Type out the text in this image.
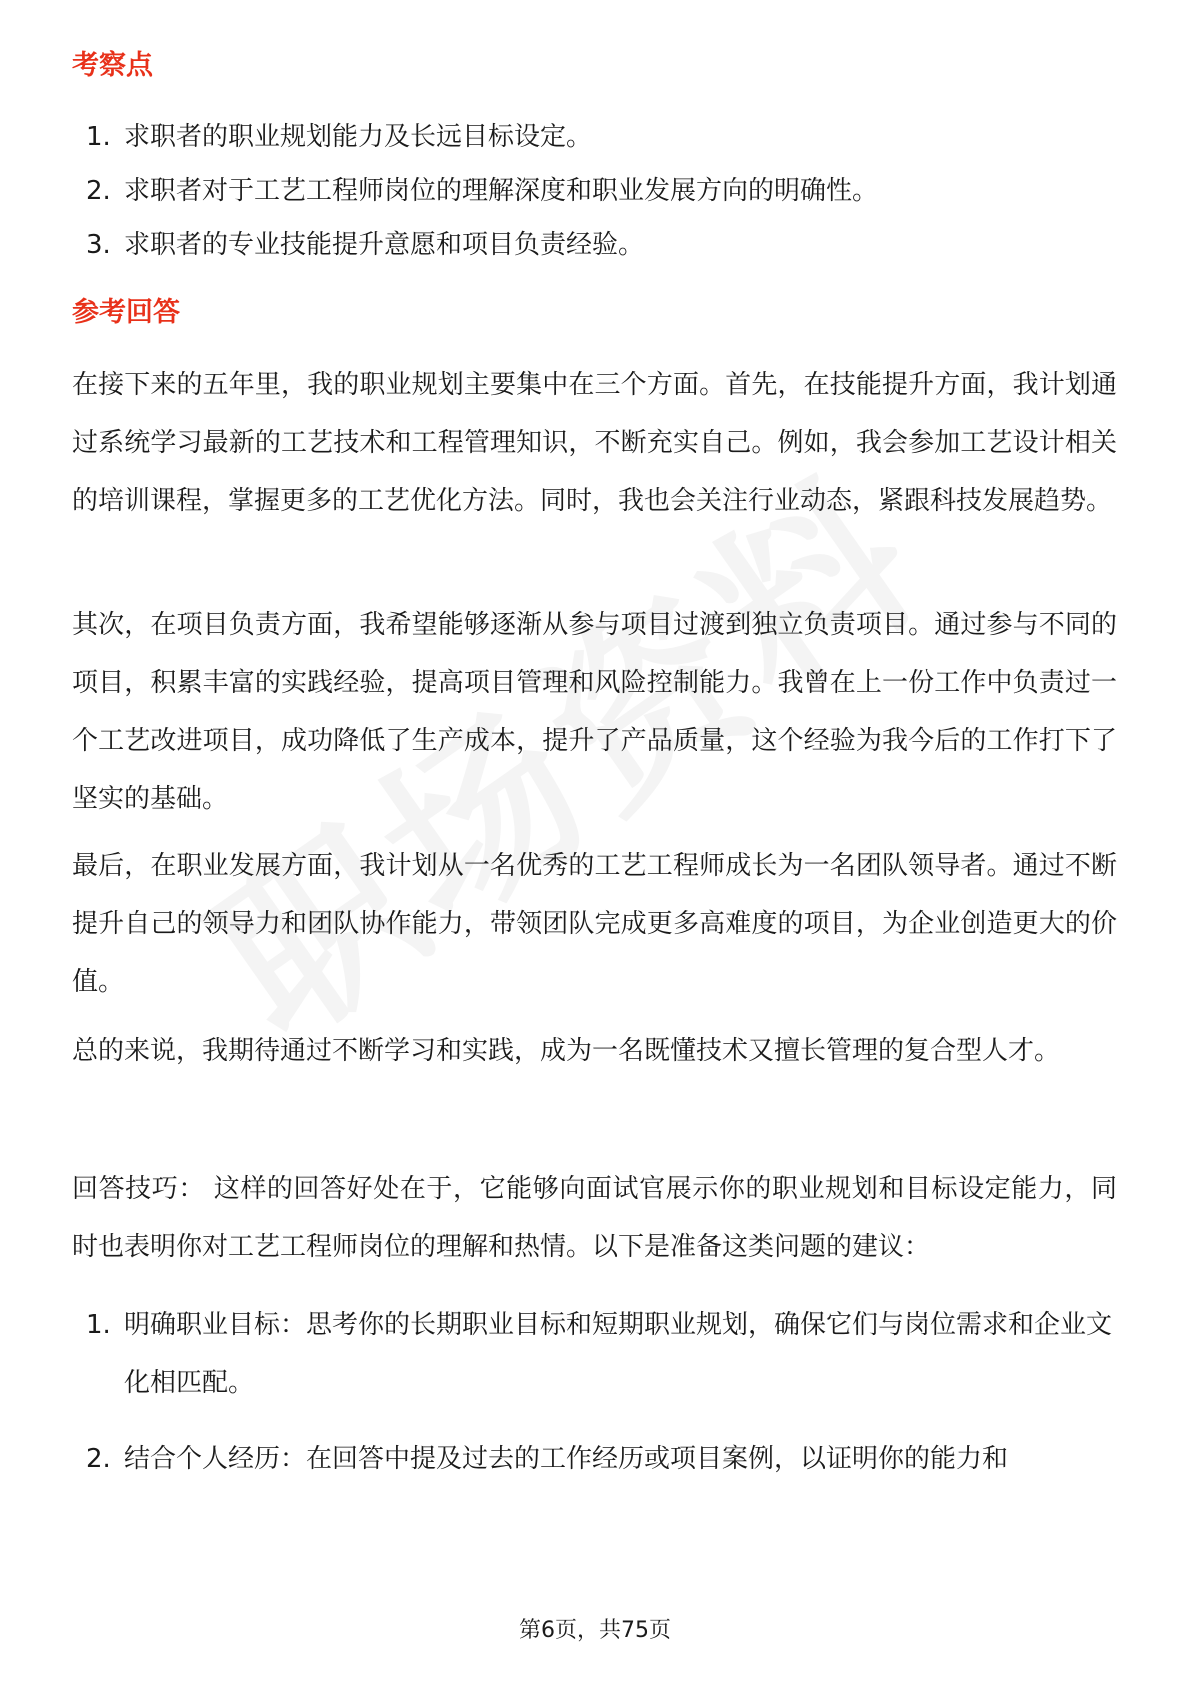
考察点
1. 求职者的职业规划能力及长远目标设定。
2. 求职者对于工艺工程师岗位的理解深度和职业发展方向的明确性。
3. 求职者的专业技能提升意愿和项目负责经验。
参考回答
在接下来的五年里，我的职业规划主要集中在三个方面。首先，在技能提升方面，我计划通过系统学习最新的工艺技术和工程管理知识，不断充实自己。例如，我会参加工艺设计相关的培训课程，掌握更多的工艺优化方法。同时，我也会关注行业动态，紧跟科技发展趋势。
其次，在项目负责方面，我希望能够逐渐从参与项目过渡到独立负责项目。通过参与不同的项目，积累丰富的实践经验，提高项目管理和风险控制能力。我曾在上一份工作中负责过一个工艺改进项目，成功降低了生产成本，提升了产品质量，这个经验为我今后的工作打下了坚实的基础。
最后，在职业发展方面，我计划从一名优秀的工艺工程师成长为一名团队领导者。通过不断提升自己的领导力和团队协作能力，带领团队完成更多高难度的项目，为企业创造更大的价值。
总的来说，我期待通过不断学习和实践，成为一名既懂技术又擅长管理的复合型人才。
回答技巧： 这样的回答好处在于，它能够向面试官展示你的职业规划和目标设定能力，同时也表明你对工艺工程师岗位的理解和热情。以下是准备这类问题的建议：
1. 明确职业目标：思考你的长期职业目标和短期职业规划，确保它们与岗位需求和企业文化相匹配。
2. 结合个人经历：在回答中提及过去的工作经历或项目案例，以证明你的能力和
第6页，共75页
